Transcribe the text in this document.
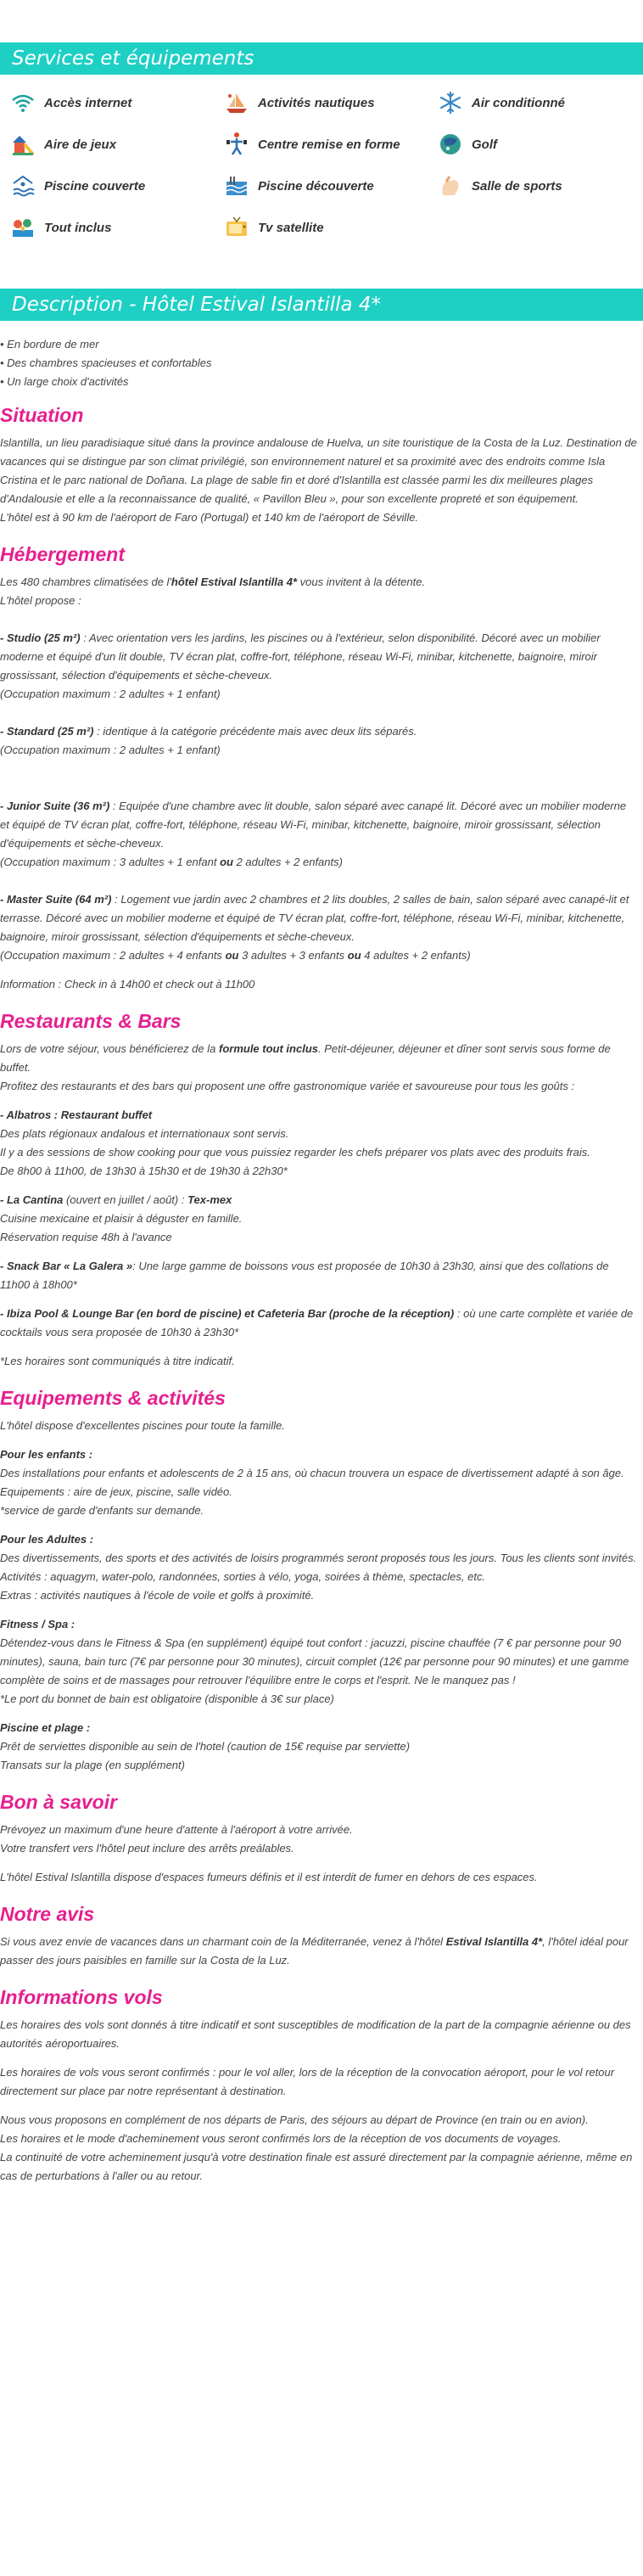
Services et équipements
Accès internet	Activités nautiques	Air conditionné
Aire de jeux	Centre remise en forme	Golf
Piscine couverte	Piscine découverte	Salle de sports
Tout inclus	Tv satellite
Description - Hôtel Estival Islantilla 4*

• En bordure de mer

• Des chambres spacieuses et confortables

• Un large choix d'activités

Situation

Islantilla, un lieu paradisiaque situé dans la province andalouse de Huelva, un site touristique de la Costa de la Luz. Destination de vacances qui se distingue par son climat privilégié, son environnement naturel et sa proximité avec des endroits comme Isla Cristina et le parc national de Doñana. La plage de sable fin et doré d'Islantilla est classée parmi les dix meilleures plages d'Andalousie et elle a la reconnaissance de qualité, « Pavillon Bleu », pour son excellente propreté et son équipement.

L'hôtel est à 90 km de l'aéroport de Faro (Portugal) et 140 km de l'aéroport de Séville.

Hébergement

Les 480 chambres climatisées de l'hôtel Estival Islantilla 4* vous invitent à la détente.

L'hôtel propose :

- Studio (25 m²) : Avec orientation vers les jardins, les piscines ou à l'extérieur, selon disponibilité. Décoré avec un mobilier moderne et équipé d'un lit double, TV écran plat, coffre-fort, téléphone, réseau Wi-Fi, minibar, kitchenette, baignoire, miroir grossissant, sélection d'équipements et sèche-cheveux.

(Occupation maximum : 2 adultes + 1 enfant)

- Standard (25 m²) : identique à la catégorie précédente mais avec deux lits séparés.

(Occupation maximum : 2 adultes + 1 enfant)

- Junior Suite (36 m²) : Equipée d'une chambre avec lit double, salon séparé avec canapé lit. Décoré avec un mobilier moderne et équipé de TV écran plat, coffre-fort, téléphone, réseau Wi-Fi, minibar, kitchenette, baignoire, miroir grossissant, sélection d'équipements et sèche-cheveux.

(Occupation maximum : 3 adultes + 1 enfant ou 2 adultes + 2 enfants)

- Master Suite (64 m²) : Logement vue jardin avec 2 chambres et 2 lits doubles, 2 salles de bain, salon séparé avec canapé-lit et terrasse. Décoré avec un mobilier moderne et équipé de TV écran plat, coffre-fort, téléphone, réseau Wi-Fi, minibar, kitchenette, baignoire, miroir grossissant, sélection d'équipements et sèche-cheveux.

(Occupation maximum : 2 adultes + 4 enfants ou 3 adultes + 3 enfants ou 4 adultes + 2 enfants)

Information : Check in à 14h00 et check out à 11h00

Restaurants & Bars

Lors de votre séjour, vous bénéficierez de la formule tout inclus. Petit-déjeuner, déjeuner et dîner sont servis sous forme de buffet.

Profitez des restaurants et des bars qui proposent une offre gastronomique variée et savoureuse pour tous les goûts :

- Albatros : Restaurant buffet

Des plats régionaux andalous et internationaux sont servis.

Il y a des sessions de show cooking pour que vous puissiez regarder les chefs préparer vos plats avec des produits frais.

De 8h00 à 11h00, de 13h30 à 15h30 et de 19h30 à 22h30*

- La Cantina (ouvert en juillet / août) : Tex-mex

Cuisine mexicaine et plaisir à déguster en famille.

Réservation requise 48h à l'avance

- Snack Bar « La Galera »: Une large gamme de boissons vous est proposée de 10h30 à 23h30, ainsi que des collations de 11h00 à 18h00*

- Ibiza Pool & Lounge Bar (en bord de piscine) et Cafeteria Bar (proche de la réception) : où une carte complète et variée de cocktails vous sera proposée de 10h30 à 23h30*

*Les horaires sont communiqués à titre indicatif.

Equipements & activités

L'hôtel dispose d'excellentes piscines pour toute la famille.

Pour les enfants :

Des installations pour enfants et adolescents de 2 à 15 ans, où chacun trouvera un espace de divertissement adapté à son âge.

Equipements : aire de jeux, piscine, salle vidéo.

*service de garde d'enfants sur demande.

Pour les Adultes :

Des divertissements, des sports et des activités de loisirs programmés seront proposés tous les jours. Tous les clients sont invités.

Activités : aquagym, water-polo, randonnées, sorties à vélo, yoga, soirées à thème, spectacles, etc.

Extras : activités nautiques à l'école de voile et golfs à proximité.

Fitness / Spa :

Détendez-vous dans le Fitness & Spa (en supplément) équipé tout confort : jacuzzi, piscine chauffée (7 € par personne pour 90 minutes), sauna, bain turc (7€ par personne pour 30 minutes), circuit complet (12€ par personne pour 90 minutes) et une gamme complète de soins et de massages pour retrouver l'équilibre entre le corps et l'esprit. Ne le manquez pas !

*Le port du bonnet de bain est obligatoire (disponible à 3€ sur place)

Piscine et plage :

Prêt de serviettes disponible au sein de l'hotel (caution de 15€ requise par serviette)

Transats sur la plage (en supplément)

Bon à savoir

Prévoyez un maximum d'une heure d'attente à l'aéroport à votre arrivée.

Votre transfert vers l'hôtel peut inclure des arrêts preálables.

L'hôtel Estival Islantilla dispose d'espaces fumeurs définis et il est interdit de fumer en dehors de ces espaces.

Notre avis

Si vous avez envie de vacances dans un charmant coin de la Méditerranée, venez à l'hôtel Estival Islantilla 4*, l'hôtel idéal pour passer des jours paisibles en famille sur la Costa de la Luz.

Informations vols

Les horaires des vols sont donnés à titre indicatif et sont susceptibles de modification de la part de la compagnie aérienne ou des autorités aéroportuaires.

Les horaires de vols vous seront confirmés : pour le vol aller, lors de la réception de la convocation aéroport, pour le vol retour directement sur place par notre représentant à destination.

Nous vous proposons en complément de nos départs de Paris, des séjours au départ de Province (en train ou en avion).

Les horaires et le mode d'acheminement vous seront confirmés lors de la réception de vos documents de voyages.

La continuité de votre acheminement jusqu'à votre destination finale est assuré directement par la compagnie aérienne, même en cas de perturbations à l'aller ou au retour.
